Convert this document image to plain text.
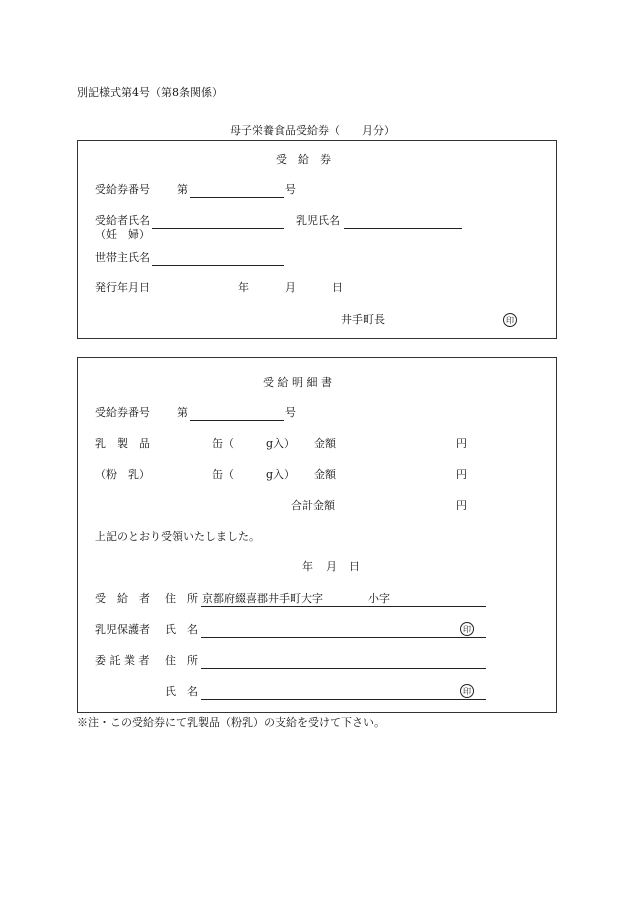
別記様式第4号（第8条関係）
母子栄養食品受給券（　　月分）
受　給　券
受給券番号 第	号
受給者氏名
（妊　婦）
乳児氏名
世帯主氏名
発行年月日	年	月	日
井手町長	印
受 給 明 細 書
受給券番号 第	号
乳　製　品	缶（	g入） 金額	円
（粉　乳）	缶（	g入） 金額	円
合計金額	円
上記のとおり受領いたしました。
年 月 日
受　給　者 住　所 京都府綴喜郡井手町大字	小字
乳児保護者 氏　名	印
委 託 業 者 住　所
氏　名	印
※注・この受給券にて乳製品（粉乳）の支給を受けて下さい。
